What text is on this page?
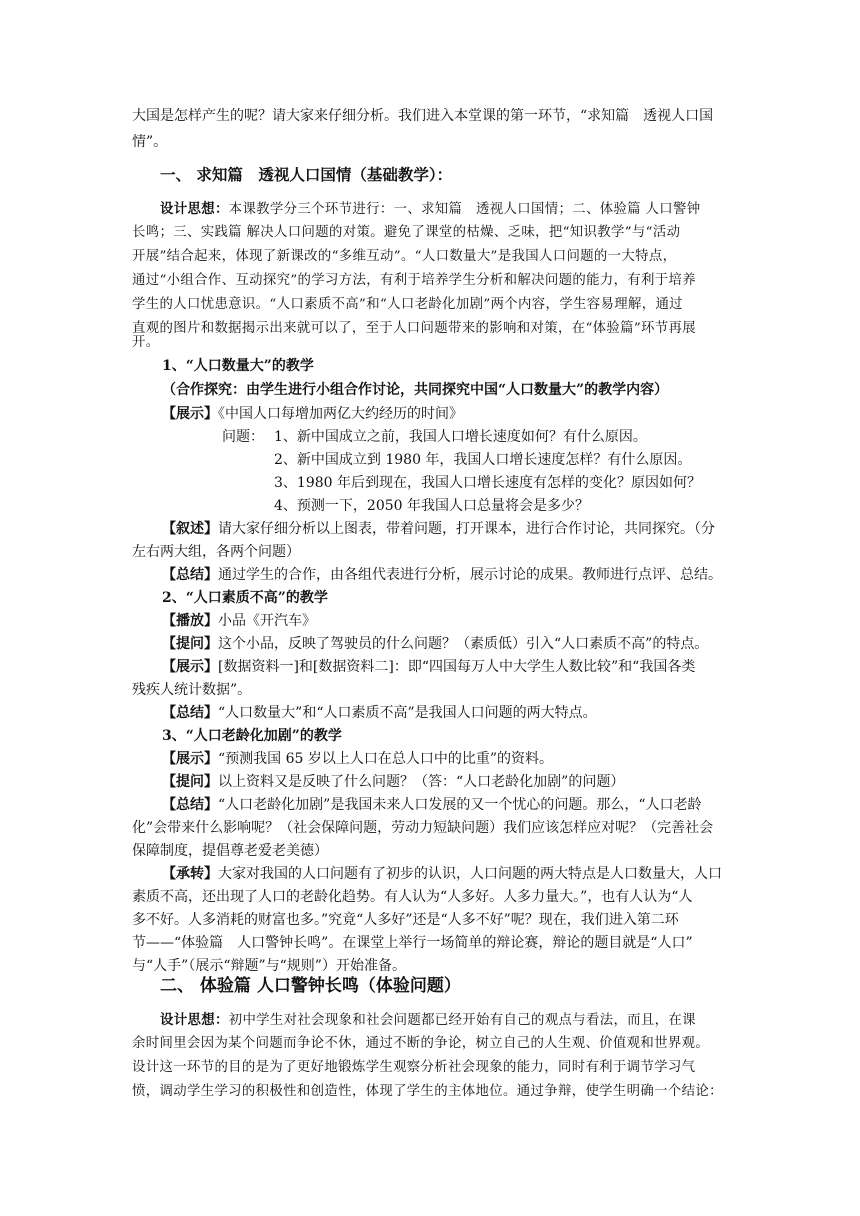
大国是怎样产生的呢？请大家来仔细分析。我们进入本堂课的第一环节，“求知篇　透视人口国
情”。
一、 求知篇　透视人口国情（基础教学）：
设计思想：本课教学分三个环节进行：一、求知篇　透视人口国情；二、体验篇 人口警钟
长鸣；三、实践篇 解决人口问题的对策。避免了课堂的枯燥、乏味，把“知识教学”与“活动
开展”结合起来，体现了新课改的“多维互动”。“人口数量大”是我国人口问题的一大特点，
通过“小组合作、互动探究”的学习方法，有利于培养学生分析和解决问题的能力，有利于培养
学生的人口忧患意识。“人口素质不高”和“人口老龄化加剧”两个内容，学生容易理解，通过
直观的图片和数据揭示出来就可以了，至于人口问题带来的影响和对策，在“体验篇”环节再展
开。
1、“人口数量大”的教学
（合作探究：由学生进行小组合作讨论，共同探究中国“人口数量大”的教学内容）
【展示】《中国人口每增加两亿大约经历的时间》
问题： 1、新中国成立之前，我国人口增长速度如何？有什么原因。
2、新中国成立到 1980 年，我国人口增长速度怎样？有什么原因。
3、1980 年后到现在，我国人口增长速度有怎样的变化？原因如何？
4、预测一下，2050 年我国人口总量将会是多少？
【叙述】请大家仔细分析以上图表，带着问题，打开课本，进行合作讨论，共同探究。（分
左右两大组，各两个问题）
【总结】通过学生的合作，由各组代表进行分析，展示讨论的成果。教师进行点评、总结。
2、“人口素质不高”的教学
【播放】小品《开汽车》
【提问】这个小品，反映了驾驶员的什么问题？（素质低）引入“人口素质不高”的特点。
【展示】[数据资料一]和[数据资料二]：即“四国每万人中大学生人数比较”和“我国各类
残疾人统计数据”。
【总结】“人口数量大”和“人口素质不高”是我国人口问题的两大特点。
3、“人口老龄化加剧”的教学
【展示】“预测我国 65 岁以上人口在总人口中的比重”的资料。
【提问】以上资料又是反映了什么问题？（答：“人口老龄化加剧”的问题）
【总结】“人口老龄化加剧”是我国未来人口发展的又一个忧心的问题。那么，“人口老龄
化”会带来什么影响呢？（社会保障问题，劳动力短缺问题）我们应该怎样应对呢？（完善社会
保障制度，提倡尊老爱老美德）
【承转】大家对我国的人口问题有了初步的认识，人口问题的两大特点是人口数量大，人口
素质不高，还出现了人口的老龄化趋势。有人认为“人多好。人多力量大。”，也有人认为“人
多不好。人多消耗的财富也多。”究竟“人多好”还是“人多不好”呢？现在，我们进入第二环
节——“体验篇　人口警钟长鸣”。在课堂上举行一场简单的辩论赛，辩论的题目就是“人口”
与“人手”（展示“辩题”与“规则”）开始准备。
二、 体验篇 人口警钟长鸣（体验问题）
设计思想：初中学生对社会现象和社会问题都已经开始有自己的观点与看法，而且，在课
余时间里会因为某个问题而争论不休，通过不断的争论，树立自己的人生观、价值观和世界观。
设计这一环节的目的是为了更好地锻炼学生观察分析社会现象的能力，同时有利于调节学习气
愤，调动学生学习的积极性和创造性，体现了学生的主体地位。通过争辩，使学生明确一个结论：
